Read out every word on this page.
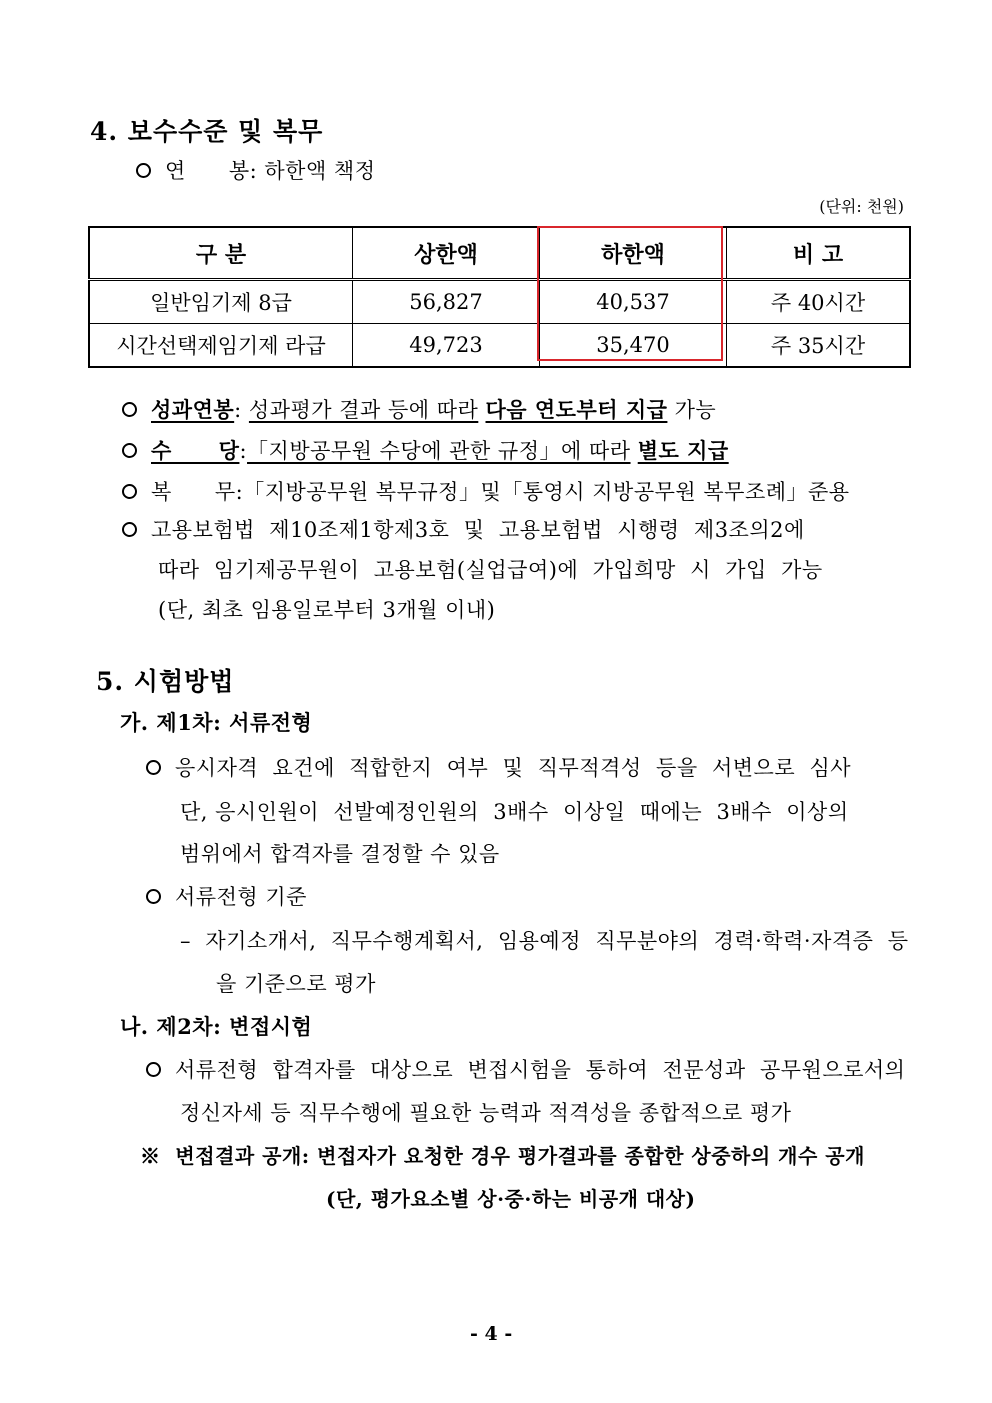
4. 보수수준 및 복무
연      봉: 하한액 책정
(단위: 천원)
구 분	상한액	하한액	비 고
일반임기제 8급	56,827	40,537	주 40시간
시간선택제임기제 라급	49,723	35,470	주 35시간
성과연봉: 성과평가 결과 등에 따라 다음 연도부터 지급 가능
수      당:「지방공무원 수당에 관한 규정」에 따라 별도 지급
복      무:「지방공무원 복무규정」및「통영시 지방공무원 복무조례」준용
고용보험법  제10조제1항제3호  및  고용보험법  시행령  제3조의2에
따라  임기제공무원이  고용보험(실업급여)에  가입희망  시  가입  가능
(단, 최초 임용일로부터 3개월 이내)
5. 시험방법
가. 제1차: 서류전형
응시자격  요건에  적합한지  여부  및  직무적격성  등을  서변으로  심사
단, 응시인원이  선발예정인원의  3배수  이상일  때에는  3배수  이상의
범위에서 합격자를 결정할 수 있음
서류전형 기준
–  자기소개서,  직무수행계획서,  임용예정  직무분야의  경력·학력·자격증  등
을 기준으로 평가
나. 제2차: 변접시험
서류전형  합격자를  대상으로  변접시험을  통하여  전문성과  공무원으로서의
정신자세 등 직무수행에 필요한 능력과 적격성을 종합적으로 평가
※  변접결과 공개: 변접자가 요청한 경우 평가결과를 종합한 상중하의 개수 공개
(단, 평가요소별 상·중·하는 비공개 대상)
- 4 -
